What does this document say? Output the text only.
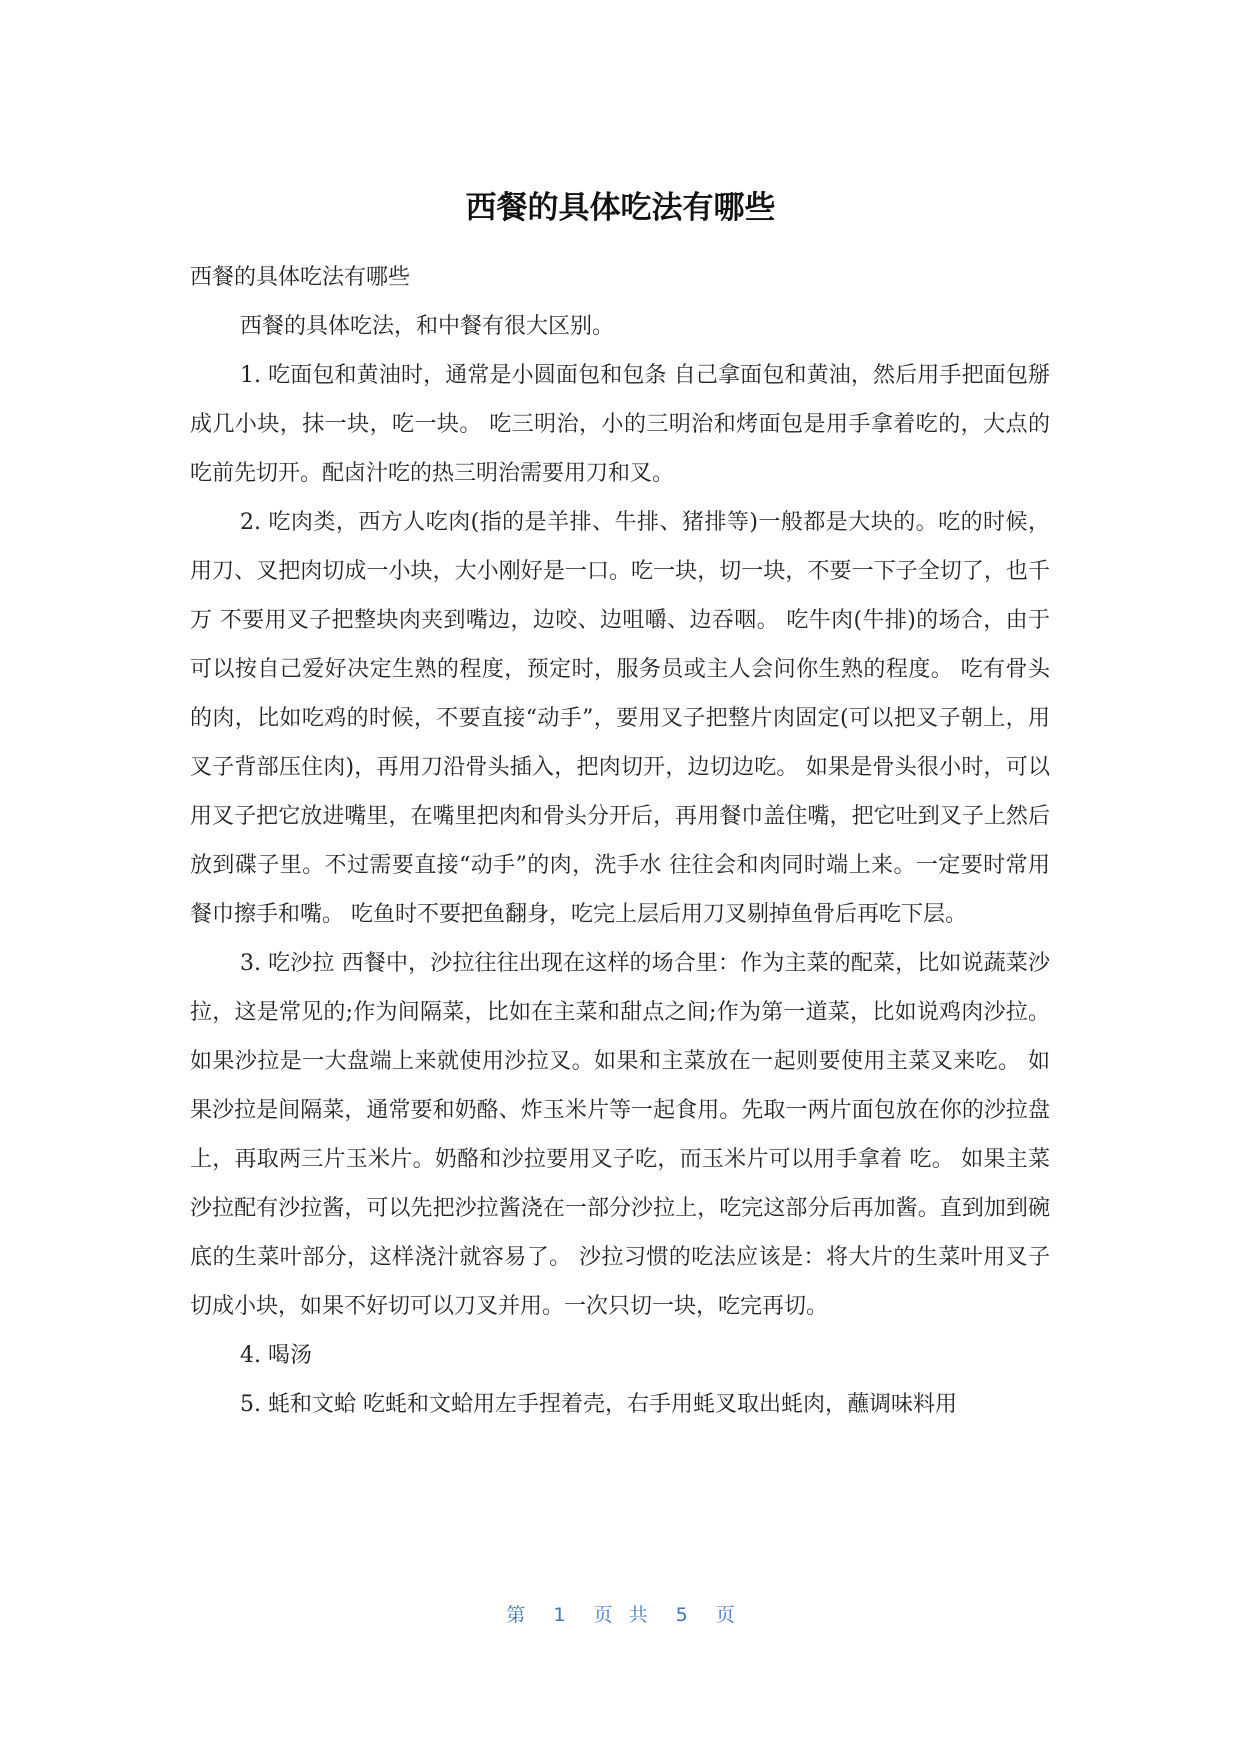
西餐的具体吃法有哪些

西餐的具体吃法有哪些

西餐的具体吃法，和中餐有很大区别。

1. 吃面包和黄油时，通常是小圆面包和包条 自己拿面包和黄油，然后用手把面包掰成几小块，抹一块，吃一块。 吃三明治，小的三明治和烤面包是用手拿着吃的，大点的吃前先切开。配卤汁吃的热三明治需要用刀和叉。

2. 吃肉类，西方人吃肉(指的是羊排、牛排、猪排等)一般都是大块的。吃的时候，用刀、叉把肉切成一小块，大小刚好是一口。吃一块，切一块，不要一下子全切了，也千万 不要用叉子把整块肉夹到嘴边，边咬、边咀嚼、边吞咽。 吃牛肉(牛排)的场合，由于可以按自己爱好决定生熟的程度，预定时，服务员或主人会问你生熟的程度。 吃有骨头的肉，比如吃鸡的时候，不要直接“动手”，要用叉子把整片肉固定(可以把叉子朝上，用叉子背部压住肉)，再用刀沿骨头插入，把肉切开，边切边吃。 如果是骨头很小时，可以用叉子把它放进嘴里，在嘴里把肉和骨头分开后，再用餐巾盖住嘴，把它吐到叉子上然后放到碟子里。不过需要直接“动手”的肉，洗手水 往往会和肉同时端上来。一定要时常用餐巾擦手和嘴。 吃鱼时不要把鱼翻身，吃完上层后用刀叉剔掉鱼骨后再吃下层。

3. 吃沙拉 西餐中，沙拉往往出现在这样的场合里：作为主菜的配菜，比如说蔬菜沙拉，这是常见的;作为间隔菜，比如在主菜和甜点之间;作为第一道菜，比如说鸡肉沙拉。 如果沙拉是一大盘端上来就使用沙拉叉。如果和主菜放在一起则要使用主菜叉来吃。 如果沙拉是间隔菜，通常要和奶酪、炸玉米片等一起食用。先取一两片面包放在你的沙拉盘上，再取两三片玉米片。奶酪和沙拉要用叉子吃，而玉米片可以用手拿着 吃。 如果主菜沙拉配有沙拉酱，可以先把沙拉酱浇在一部分沙拉上，吃完这部分后再加酱。直到加到碗底的生菜叶部分，这样浇汁就容易了。 沙拉习惯的吃法应该是：将大片的生菜叶用叉子切成小块，如果不好切可以刀叉并用。一次只切一块，吃完再切。

4. 喝汤

5. 蚝和文蛤 吃蚝和文蛤用左手捏着壳，右手用蚝叉取出蚝肉，蘸调味料用

第 1 页 共 5 页
